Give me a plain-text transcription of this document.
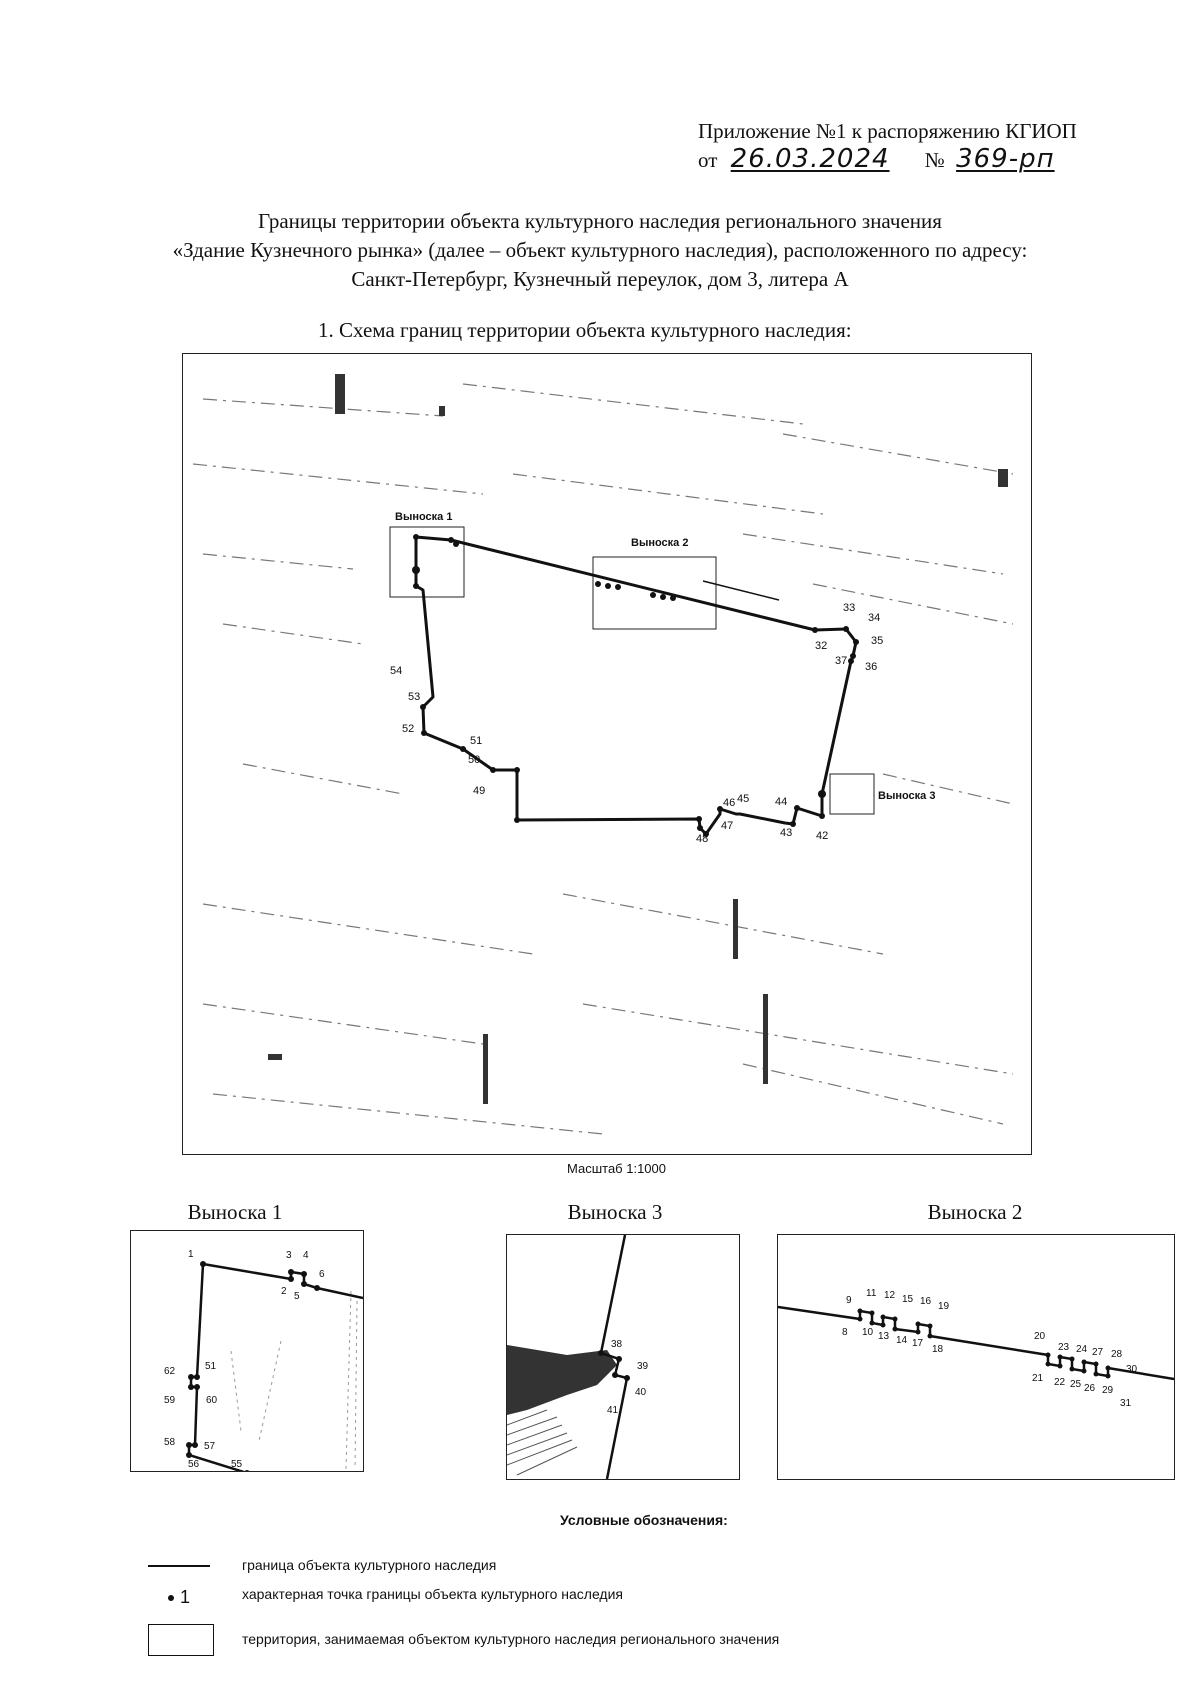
Приложение №1 к распоряжению КГИОП
от 26.03.2024 № 369-рп
Границы территории объекта культурного наследия регионального значения
«Здание Кузнечного рынка» (далее – объект культурного наследия), расположенного по адресу:
Санкт-Петербург, Кузнечный переулок, дом 3, литера А
1. Схема границ территории объекта культурного наследия:
Выноска 1
Выноска 2
Выноска 3
32
33
34
35
36
37
42
43
44
45
46
47
48
49
50
51
52
53
54
Масштаб 1:1000
Выноска 1	Выноска 3	Выноска 2
1
2
3 4
5
6
51
55
56
57
58
59	60
62
38
39
40
41
8
9
10
11 12
13 14
15 16
17
18
19
20
21 22
23 24
25 26
27 28
29
30
31
Условные обозначения:
граница объекта культурного наследия
1	характерная точка границы объекта культурного наследия
территория, занимаемая объектом культурного наследия регионального значения
